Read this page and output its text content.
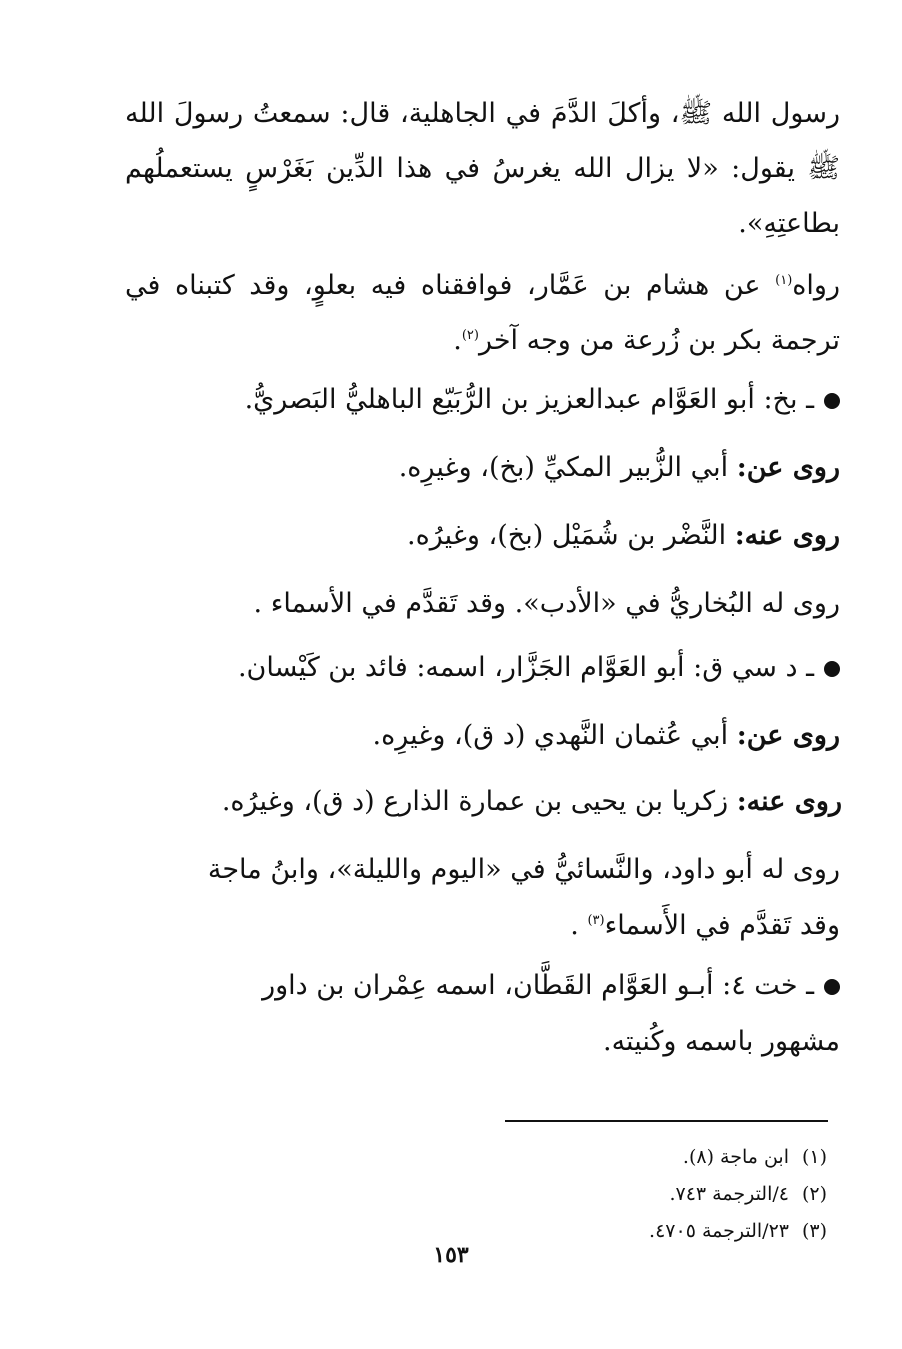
رسول الله ﷺ، وأكلَ الدَّمَ في الجاهلية، قال: سمعتُ رسولَ الله ﷺ يقول: «لا يزال الله يغرسُ في هذا الدِّين بَغَرْسٍ يستعملُهم بطاعتِهِ».

رواه$^{(١)}$ عن هشام بن عَمَّار، فوافقناه فيه بعلوٍ، وقد كتبناه في ترجمة بكر بن زُرعة من وجه آخر$^{(٢)}$.

ـ بخ: أبو العَوَّام عبدالعزيز بن الرُّبَيّع الباهليُّ البَصريُّ.
روى عن: أبي الزُّبير المكيِّ (بخ)، وغيرِه.
روى عنه: النَّضْر بن شُمَيْل (بخ)، وغيرُه.
روى له البُخاريُّ في «الأدب». وقد تَقدَّم في الأسماء .
ـ د سي ق: أبو العَوَّام الجَزَّار، اسمه: فائد بن كَيْسان.
روى عن: أبي عُثمان النَّهدي (د ق)، وغيرِه.
روى عنه: زكريا بن يحيى بن عمارة الذارع (د ق)، وغيرُه.
روى له أبو داود، والنَّسائيُّ في «اليوم والليلة»، وابنُ ماجة
وقد تَقدَّم في الأَسماء$^{(٣)}$ .
ـ خت ٤: أبـو العَوَّام القَطَّان، اسمه عِمْران بن داور
مشهور باسمه وكُنيته.
(١)ابن ماجة (٨).
(٢)٤/الترجمة ٧٤٣.
(٣)٢٣/الترجمة ٤٧٠٥.
١٥٣
